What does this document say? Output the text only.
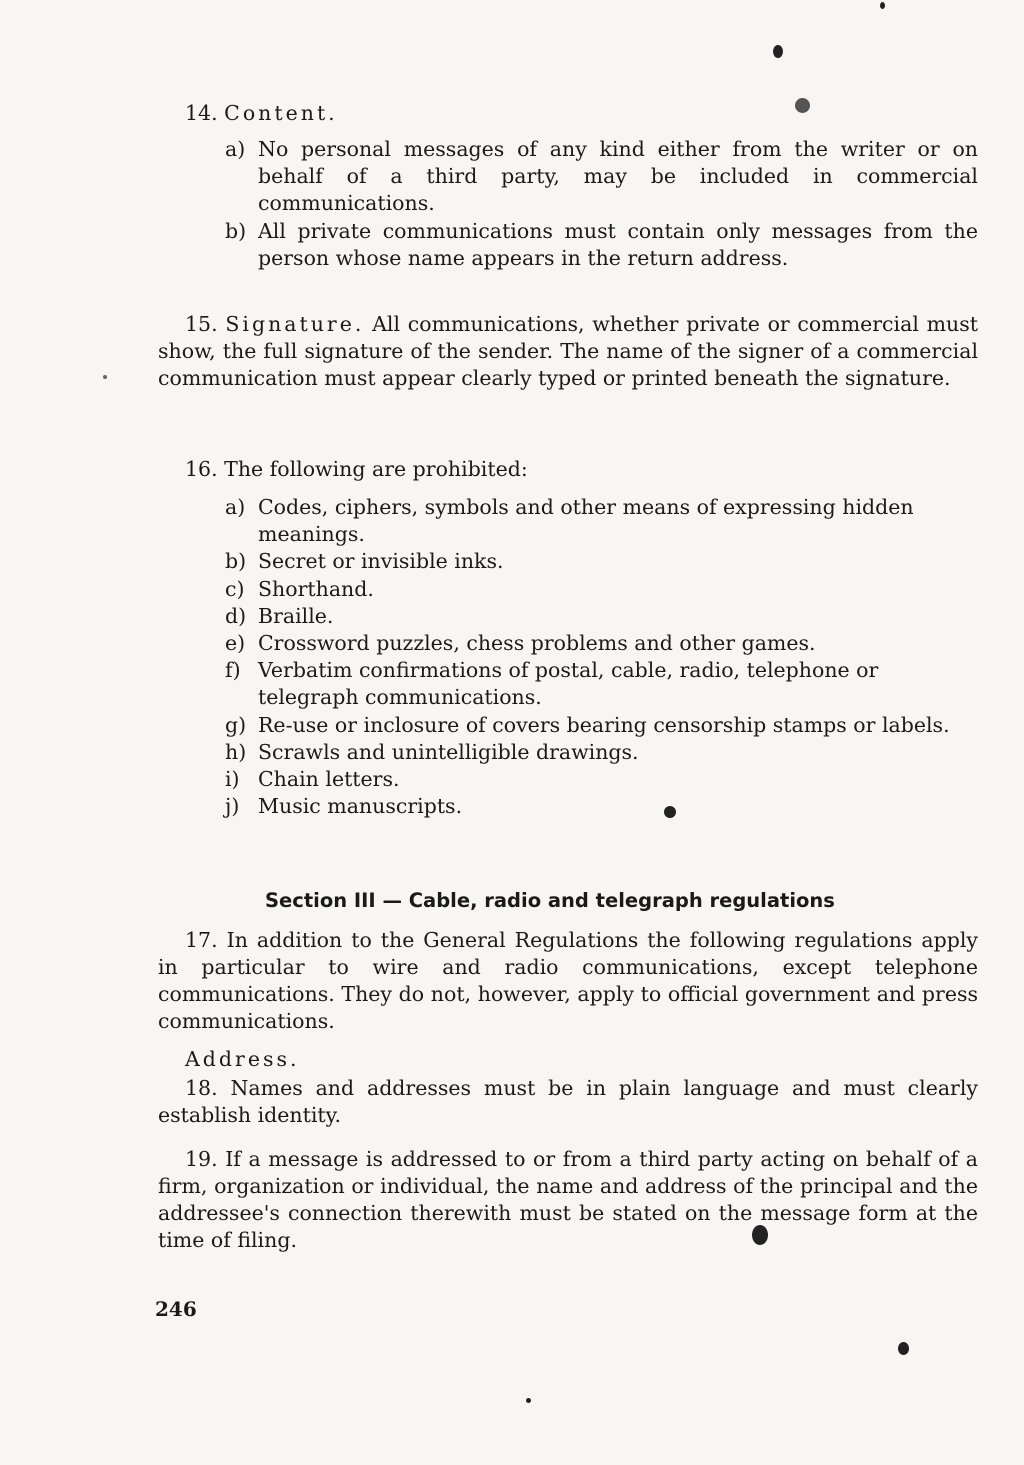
14. Content.
a) No personal messages of any kind either from the writer or on behalf of a third party, may be included in commercial communications.
b) All private communications must contain only messages from the person whose name appears in the return address.
15. Signature. All communications, whether private or commercial must show, the full signature of the sender. The name of the signer of a commercial communication must appear clearly typed or printed beneath the signature.
16. The following are prohibited:
a) Codes, ciphers, symbols and other means of expressing hidden meanings.
b) Secret or invisible inks.
c) Shorthand.
d) Braille.
e) Crossword puzzles, chess problems and other games.
f) Verbatim confirmations of postal, cable, radio, telephone or telegraph communications.
g) Re-use or inclosure of covers bearing censorship stamps or labels.
h) Scrawls and unintelligible drawings.
i) Chain letters.
j) Music manuscripts.
Section III — Cable, radio and telegraph regulations
17. In addition to the General Regulations the following regulations apply in particular to wire and radio communications, except telephone communications. They do not, however, apply to official government and press communications.
Address.
18. Names and addresses must be in plain language and must clearly establish identity.
19. If a message is addressed to or from a third party acting on behalf of a firm, organization or individual, the name and address of the principal and the addressee's connection therewith must be stated on the message form at the time of filing.
246
